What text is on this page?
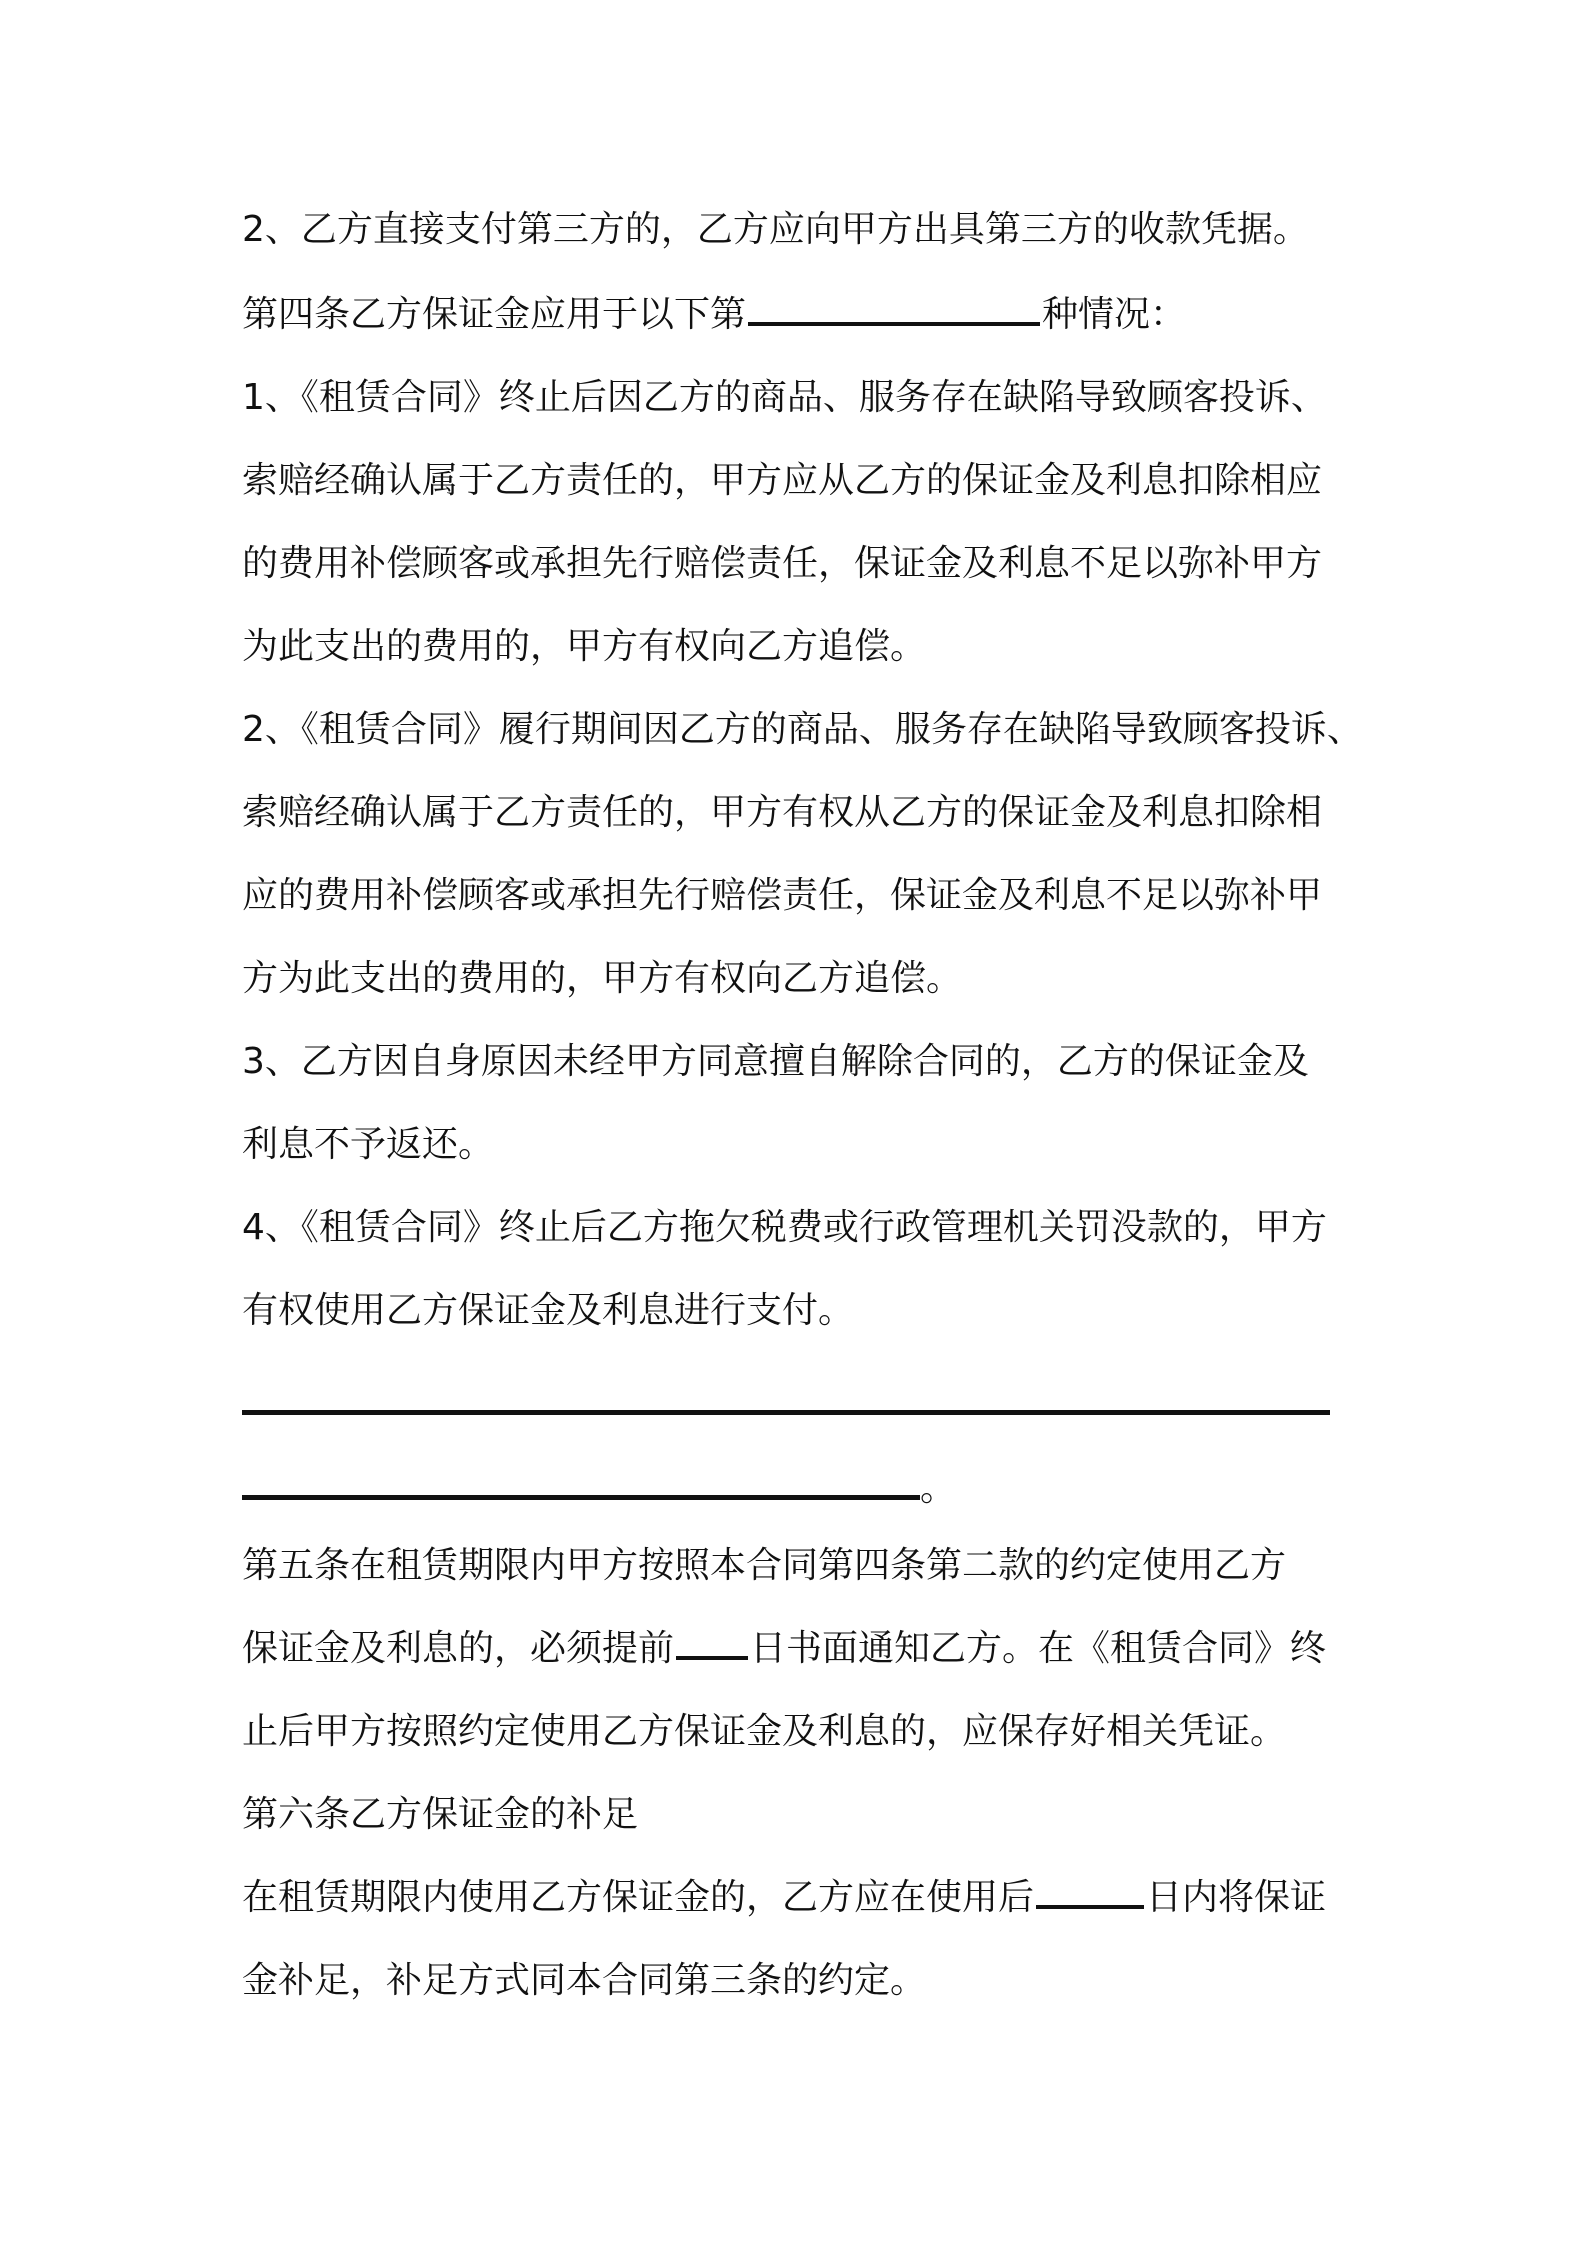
2、乙方直接支付第三方的，乙方应向甲方出具第三方的收款凭据。
第四条乙方保证金应用于以下第	种情况：
1、《租赁合同》终止后因乙方的商品、服务存在缺陷导致顾客投诉、
索赔经确认属于乙方责任的，甲方应从乙方的保证金及利息扣除相应
的费用补偿顾客或承担先行赔偿责任，保证金及利息不足以弥补甲方
为此支出的费用的，甲方有权向乙方追偿。
2、《租赁合同》履行期间因乙方的商品、服务存在缺陷导致顾客投诉、
索赔经确认属于乙方责任的，甲方有权从乙方的保证金及利息扣除相
应的费用补偿顾客或承担先行赔偿责任，保证金及利息不足以弥补甲
方为此支出的费用的，甲方有权向乙方追偿。
3、乙方因自身原因未经甲方同意擅自解除合同的，乙方的保证金及
利息不予返还。
4、《租赁合同》终止后乙方拖欠税费或行政管理机关罚没款的，甲方
有权使用乙方保证金及利息进行支付。
。
第五条在租赁期限内甲方按照本合同第四条第二款的约定使用乙方
保证金及利息的，必须提前 日书面通知乙方。在《租赁合同》终
止后甲方按照约定使用乙方保证金及利息的，应保存好相关凭证。
第六条乙方保证金的补足
在租赁期限内使用乙方保证金的，乙方应在使用后	日内将保证
金补足，补足方式同本合同第三条的约定。
